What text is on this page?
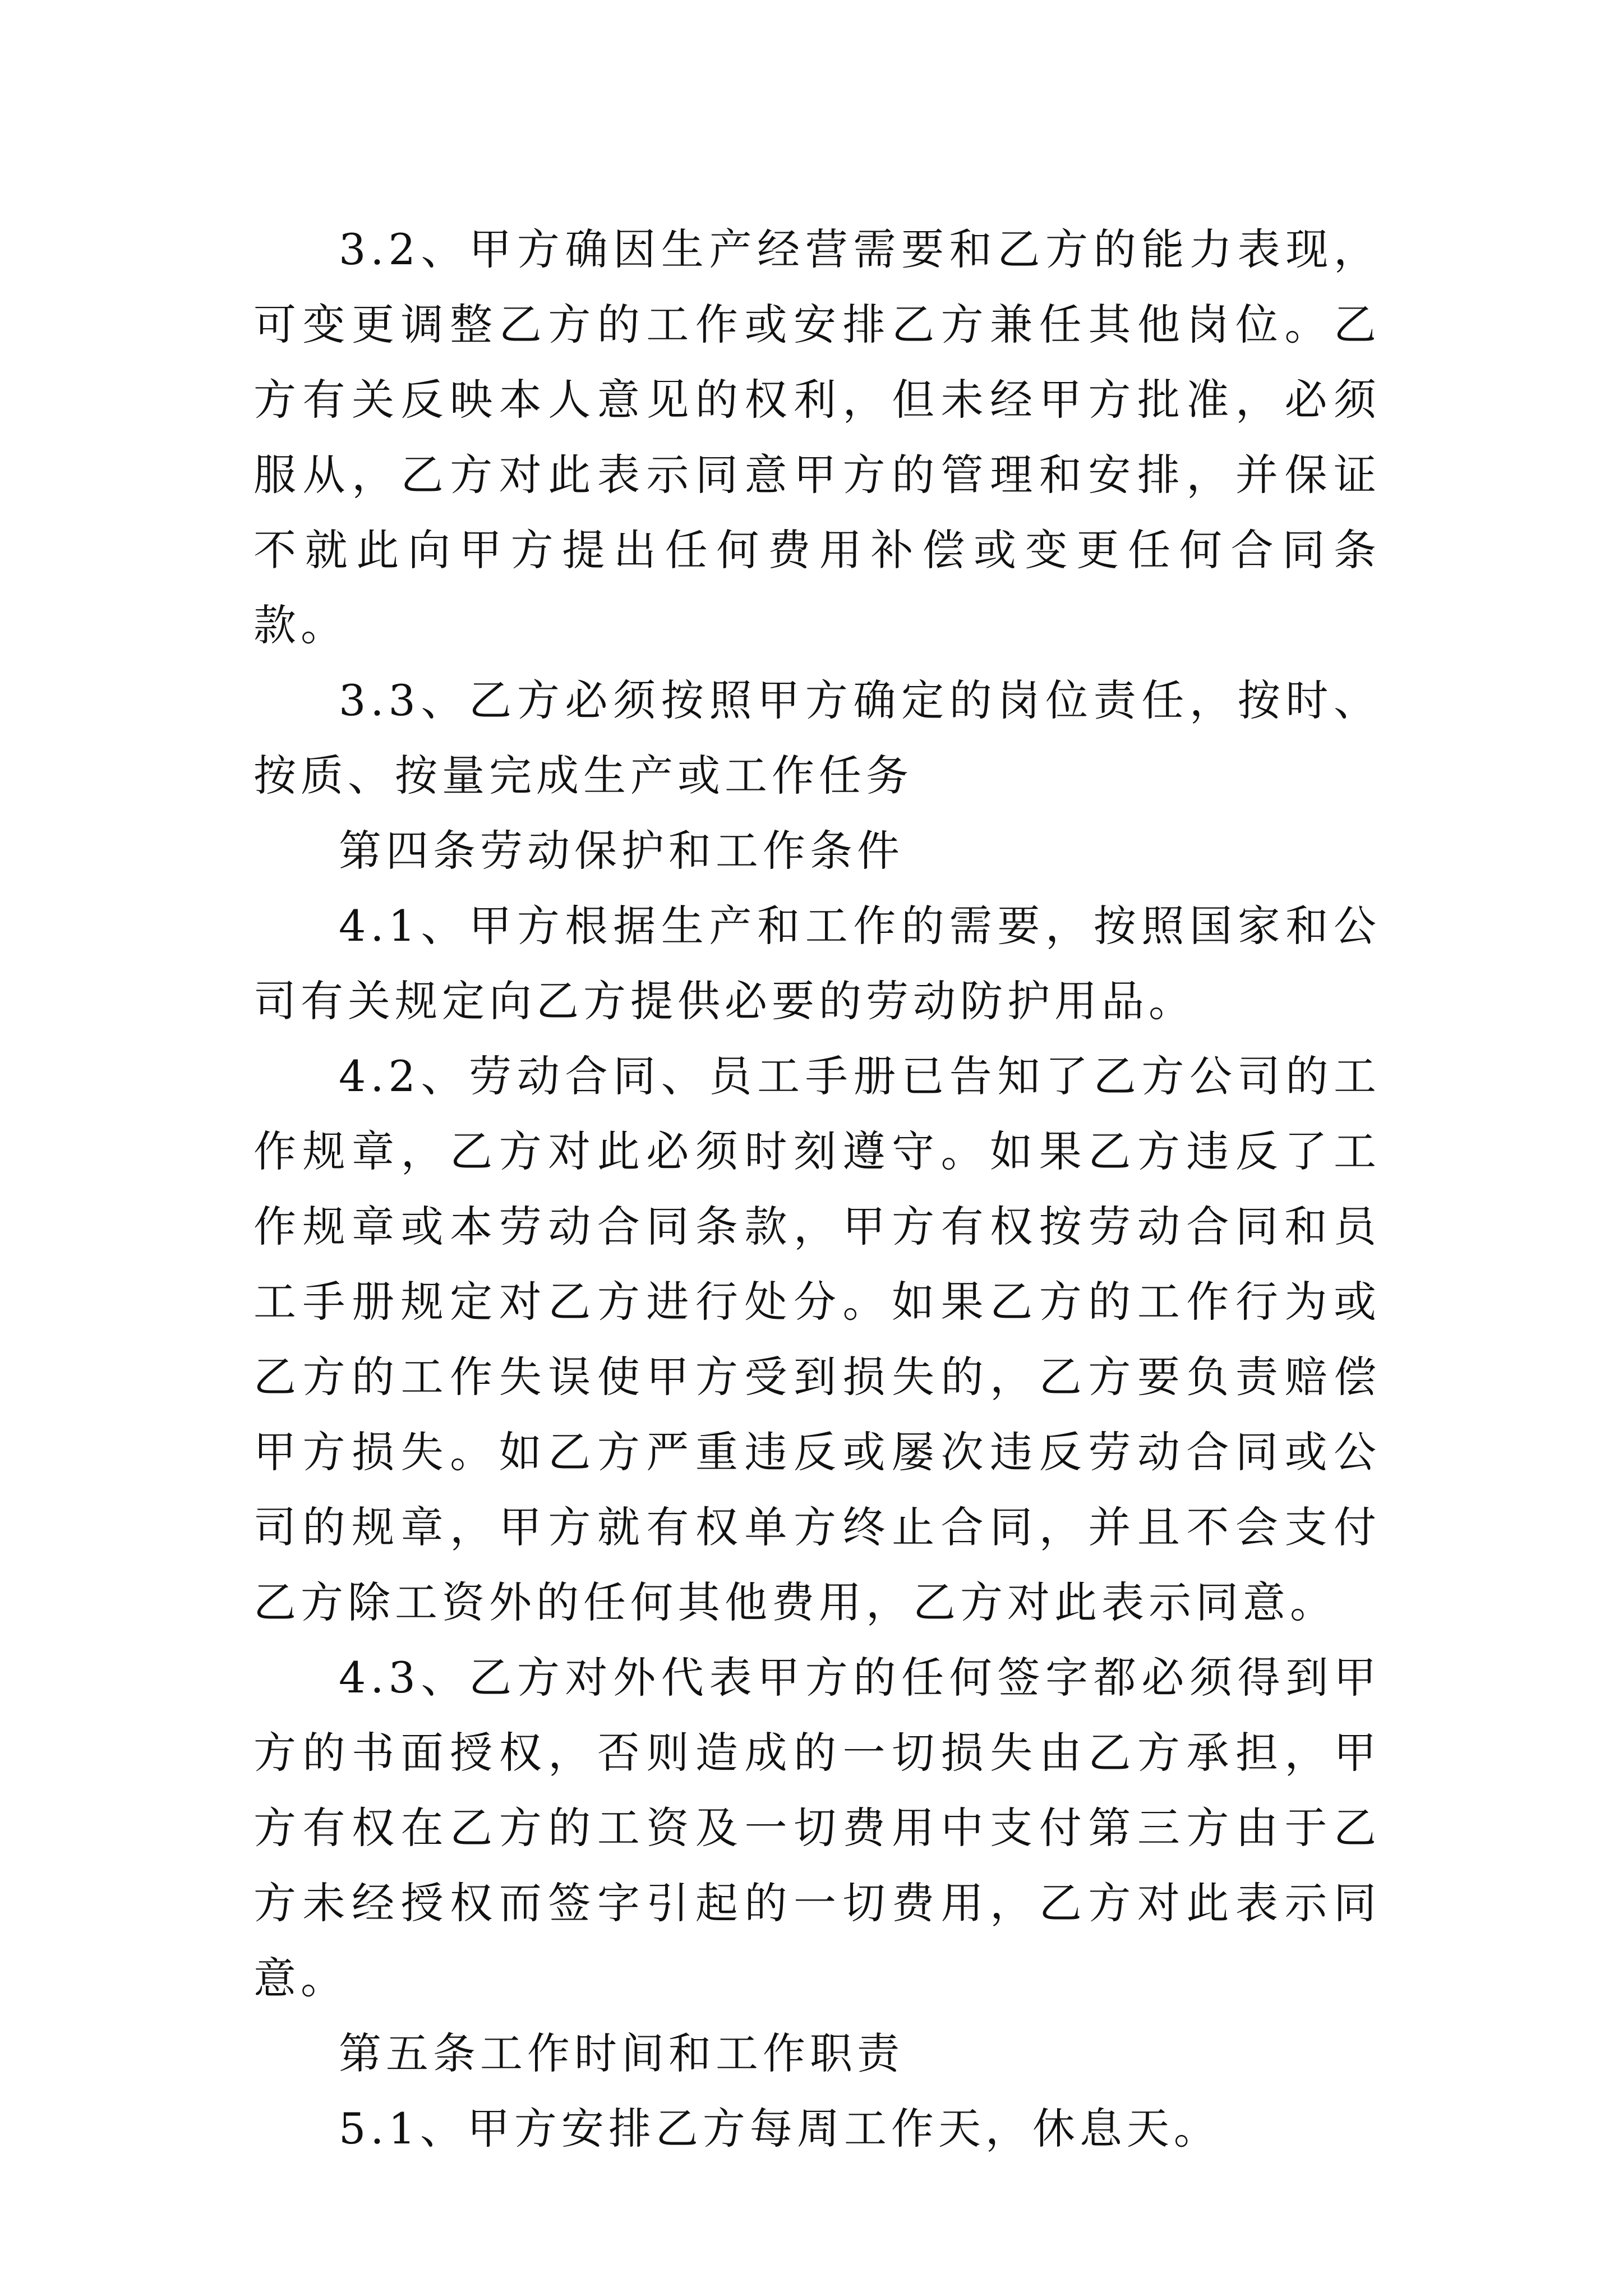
3.2、甲方确因生产经营需要和乙方的能力表现，可变更调整乙方的工作或安排乙方兼任其他岗位。乙方有关反映本人意见的权利，但未经甲方批准，必须服从，乙方对此表示同意甲方的管理和安排，并保证不就此向甲方提出任何费用补偿或变更任何合同条款。

3.3、乙方必须按照甲方确定的岗位责任，按时、按质、按量完成生产或工作任务

第四条劳动保护和工作条件

4.1、甲方根据生产和工作的需要，按照国家和公司有关规定向乙方提供必要的劳动防护用品。

4.2、劳动合同、员工手册已告知了乙方公司的工作规章，乙方对此必须时刻遵守。如果乙方违反了工作规章或本劳动合同条款，甲方有权按劳动合同和员工手册规定对乙方进行处分。如果乙方的工作行为或乙方的工作失误使甲方受到损失的，乙方要负责赔偿甲方损失。如乙方严重违反或屡次违反劳动合同或公司的规章，甲方就有权单方终止合同，并且不会支付乙方除工资外的任何其他费用，乙方对此表示同意。

4.3、乙方对外代表甲方的任何签字都必须得到甲方的书面授权，否则造成的一切损失由乙方承担，甲方有权在乙方的工资及一切费用中支付第三方由于乙方未经授权而签字引起的一切费用，乙方对此表示同意。

第五条工作时间和工作职责

5.1、甲方安排乙方每周工作天，休息天。
